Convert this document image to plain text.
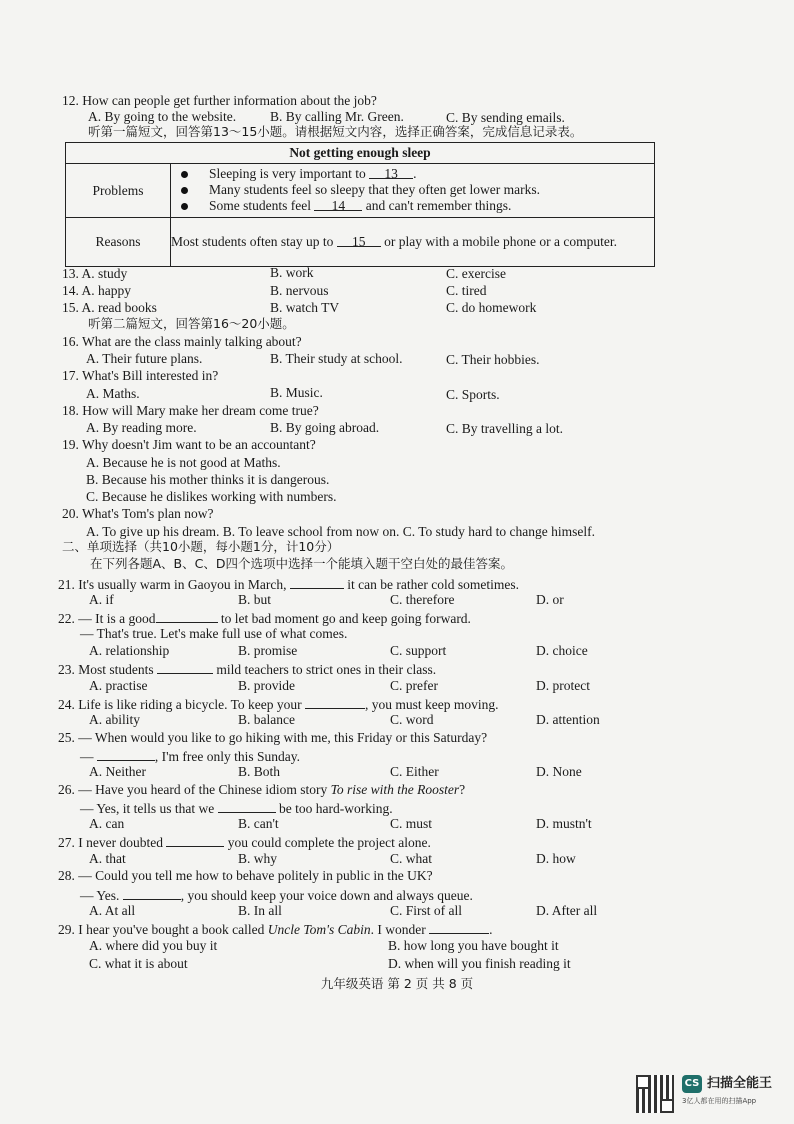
12. How can people get further information about the job?
A. By going to the website.	B. By calling Mr. Green.	C. By sending emails.
听第一篇短文，回答第13～15小题。请根据短文内容，选择正确答案，完成信息记录表。
Not getting enough sleep	
Problems	Sleeping is very important to 13 .
Many students feel so sleepy that they often get lower marks.
Some students feel 14 and can't remember things.

Reasons	Most students often stay up to 15 or play with a mobile phone or a computer.
13. A. study	B. work	C. exercise
14. A. happy	B. nervous	C. tired
15. A. read books	B. watch TV	C. do homework
听第二篇短文，回答第16～20小题。
16. What are the class mainly talking about?
A. Their future plans.	B. Their study at school.	C. Their hobbies.
17. What's Bill interested in?
A. Maths.	B. Music.	C. Sports.
18. How will Mary make her dream come true?
A. By reading more.	B. By going abroad.	C. By travelling a lot.
19. Why doesn't Jim want to be an accountant?
A. Because he is not good at Maths.
B. Because his mother thinks it is dangerous.
C. Because he dislikes working with numbers.
20. What's Tom's plan now?
A. To give up his dream. B. To leave school from now on. C. To study hard to change himself.
二、单项选择（共10小题，每小题1分，计10分）
在下列各题A、B、C、D四个选项中选择一个能填入题干空白处的最佳答案。
21. It's usually warm in Gaoyou in March,	it can be rather cold sometimes.
A. if	B. but	C. therefore	D. or
22. — It is a good	to let bad moment go and keep going forward.
— That's true. Let's make full use of what comes.
A. relationship	B. promise	C. support	D. choice
23. Most students	mild teachers to strict ones in their class.
A. practise	B. provide	C. prefer	D. protect
24. Life is like riding a bicycle. To keep your	, you must keep moving.
A. ability	B. balance	C. word	D. attention
25. — When would you like to go hiking with me, this Friday or this Saturday?
—	, I'm free only this Sunday.
A. Neither	B. Both	C. Either	D. None
26. — Have you heard of the Chinese idiom story To rise with the Rooster?
— Yes, it tells us that we	be too hard-working.
A. can	B. can't	C. must	D. mustn't
27. I never doubted	you could complete the project alone.
A. that	B. why	C. what	D. how
28. — Could you tell me how to behave politely in public in the UK?
— Yes.	, you should keep your voice down and always queue.
A. At all	B. In all	C. First of all	D. After all
29. I hear you've bought a book called Uncle Tom's Cabin. I wonder	.
A. where did you buy it	B. how long you have bought it
C. what it is about	D. when will you finish reading it
九年级英语 第 2 页 共 8 页
CS 扫描全能王
3亿人都在用的扫描App
